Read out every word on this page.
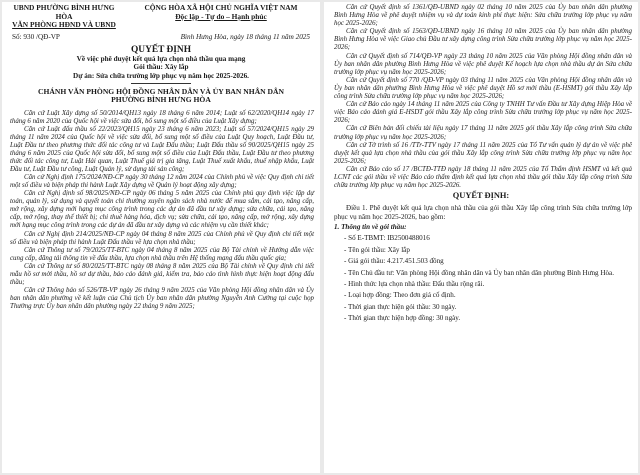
UBND PHƯỜNG BÌNH HƯNG HÒA
VĂN PHÒNG HĐND VÀ UBND
CỘNG HÒA XÃ HỘI CHỦ NGHĨA VIỆT NAM
Độc lập - Tự do – Hạnh phúc
Số: 930 /QĐ-VP	Bình Hưng Hòa, ngày 18 tháng 11 năm 2025
QUYẾT ĐỊNH
Về việc phê duyệt kết quả lựa chọn nhà thầu qua mạng
Gói thầu: Xây lắp
Dự án: Sửa chữa trường lớp phục vụ năm học 2025-2026.
CHÁNH VĂN PHÒNG HỘI ĐỒNG NHÂN DÂN VÀ ỦY BAN NHÂN DÂN
PHƯỜNG BÌNH HƯNG HÒA

Căn cứ Luật Xây dựng số 50/2014/QH13 ngày 18 tháng 6 năm 2014; Luật số 62/2020/QH14 ngày 17 tháng 6 năm 2020 của Quốc hội về việc sửa đổi, bổ sung một số điều của Luật Xây dựng;

Căn cứ Luật đấu thầu số 22/2023/QH15 ngày 23 tháng 6 năm 2023; Luật số 57/2024/QH15 ngày 29 tháng 11 năm 2024 của Quốc hội về việc sửa đổi, bổ sung một số điều của Luật Quy hoạch, Luật Đầu tư, Luật Đầu tư theo phương thức đối tác công tư và Luật Đấu thầu; Luật Đấu thầu số 90/2025/QH15 ngày 25 tháng 6 năm 2025 của Quốc hội sửa đổi, bổ sung một số điều của Luật Đấu thầu, Luật Đầu tư theo phương thức đối tác công tư, Luật Hải quan, Luật Thuế giá trị gia tăng, Luật Thuế xuất khẩu, thuế nhập khẩu, Luật Đầu tư, Luật Đầu tư công, Luật Quản lý, sử dụng tài sản công;

Căn cứ Nghị định 175/2024/NĐ-CP ngày 30 tháng 12 năm 2024 của Chính phủ về việc Quy định chi tiết một số điều và biện pháp thi hành Luật Xây dựng về Quản lý hoạt động xây dựng;

Căn cứ Nghị định số 98/2025/NĐ-CP ngày 06 tháng 5 năm 2025 của Chính phủ quy định việc lập dự toán, quản lý, sử dụng và quyết toán chi thường xuyên ngân sách nhà nước để mua sắm, cải tạo, nâng cấp, mở rộng, xây dựng mới hạng mục công trình trong các dự án đã đầu tư xây dựng; sửa chữa, cải tạo, nâng cấp, mở rộng, thay thế thiết bị; chi thuê hàng hóa, dịch vụ; sửa chữa, cải tạo, nâng cấp, mở rộng, xây dựng mới hạng mục công trình trong các dự án đã đầu tư xây dựng và các nhiệm vụ cần thiết khác;

Căn cứ Nghị định 214/2025/NĐ-CP ngày 04 tháng 8 năm 2025 của Chính phủ về Quy định chi tiết một số điều và biện pháp thi hành Luật Đấu thầu về lựa chọn nhà thầu;

Căn cứ Thông tư số 79/2025/TT-BTC ngày 04 tháng 8 năm 2025 của Bộ Tài chính về Hướng dẫn việc cung cấp, đăng tải thông tin về đấu thầu, lựa chọn nhà thầu trên Hệ thống mạng đấu thầu quốc gia;

Căn cứ Thông tư số 80/2025/TT-BTC ngày 08 tháng 8 năm 2025 của Bộ Tài chính về Quy định chi tiết mẫu hồ sơ mời thầu, hồ sơ dự thầu, báo cáo đánh giá, kiểm tra, báo cáo tình hình thực hiện hoạt động đấu thầu;

Căn cứ Thông báo số 526/TB-VP ngày 26 tháng 9 năm 2025 của Văn phòng Hội đồng nhân dân và Ủy ban nhân dân phường về kết luận của Chủ tịch Ủy ban nhân dân phường Nguyễn Anh Cường tại cuộc họp Thường trực Ủy ban nhân dân phường ngày 22 tháng 9 năm 2025;

Căn cứ Quyết định số 1361/QĐ-UBND ngày 02 tháng 10 năm 2025 của Ủy ban nhân dân phường Bình Hưng Hòa về phê duyệt nhiệm vụ và dự toán kinh phí thực hiện: Sửa chữa trường lớp phục vụ năm học 2025-2026;

Căn cứ Quyết định số 1563/QĐ-UBND ngày 16 tháng 10 năm 2025 của Ủy ban nhân dân phường Bình Hưng Hòa về việc Giao chủ Đầu tư xây dựng công trình Sửa chữa trường lớp phục vụ năm học 2025-2026;

Căn cứ Quyết định số 714/QĐ-VP ngày 23 tháng 10 năm 2025 của Văn phòng Hội đồng nhân dân và Ủy ban nhân dân phường Bình Hưng Hòa về việc phê duyệt Kế hoạch lựa chọn nhà thầu dự án Sửa chữa trường lớp phục vụ năm học 2025-2026;

Căn cứ Quyết định số 770 /QĐ-VP ngày 03 tháng 11 năm 2025 của Văn phòng Hội đồng nhân dân và Ủy ban nhân dân phường Bình Hưng Hòa về việc phê duyệt Hồ sơ mời thầu (E-HSMT) gói thầu Xây lắp công trình Sửa chữa trường lớp phục vụ năm học 2025-2026;

Căn cứ Báo cáo ngày 14 tháng 11 năm 2025 của Công ty TNHH Tư vấn Đầu tư Xây dựng Hiệp Hòa về việc Báo cáo đánh giá E-HSDT gói thầu Xây lắp công trình Sửa chữa trường lớp phục vụ năm học 2025-2026;

Căn cứ Biên bản đối chiếu tài liệu ngày 17 tháng 11 năm 2025 gói thầu Xây lắp công trình Sửa chữa trường lớp phục vụ năm học 2025-2026;

Căn cứ Tờ trình số 16 /TTr-TTV ngày 17 tháng 11 năm 2025 của Tổ Tư vấn quản lý dự án về việc phê duyệt kết quả lựa chọn nhà thầu của gói thầu Xây lắp công trình Sửa chữa trường lớp phục vụ năm học 2025-2026;

Căn cứ Báo cáo số 17 /BCTĐ-TTĐ ngày 18 tháng 11 năm 2025 của Tổ Thẩm định HSMT và kết quả LCNT các gói thầu về việc Báo cáo thẩm định kết quả lựa chọn nhà thầu gói thầu Xây lắp công trình Sửa chữa trường lớp phục vụ năm học 2025-2026.

QUYẾT ĐỊNH:

Điều 1. Phê duyệt kết quả lựa chọn nhà thầu của gói thầu Xây lắp công trình Sửa chữa trường lớp phục vụ năm học 2025-2026, bao gồm:

1. Thông tin về gói thầu:
- Số E-TBMT: IB2500488016
- Tên gói thầu: Xây lắp
- Giá gói thầu: 4.217.451.503 đồng
- Tên Chủ đầu tư: Văn phòng Hội đồng nhân dân và Ủy ban nhân dân phường Bình Hưng Hòa.
- Hình thức lựa chọn nhà thầu: Đấu thầu rộng rãi.
- Loại hợp đồng: Theo đơn giá cố định.
- Thời gian thực hiện gói thầu: 30 ngày.
- Thời gian thực hiện hợp đồng: 30 ngày.
